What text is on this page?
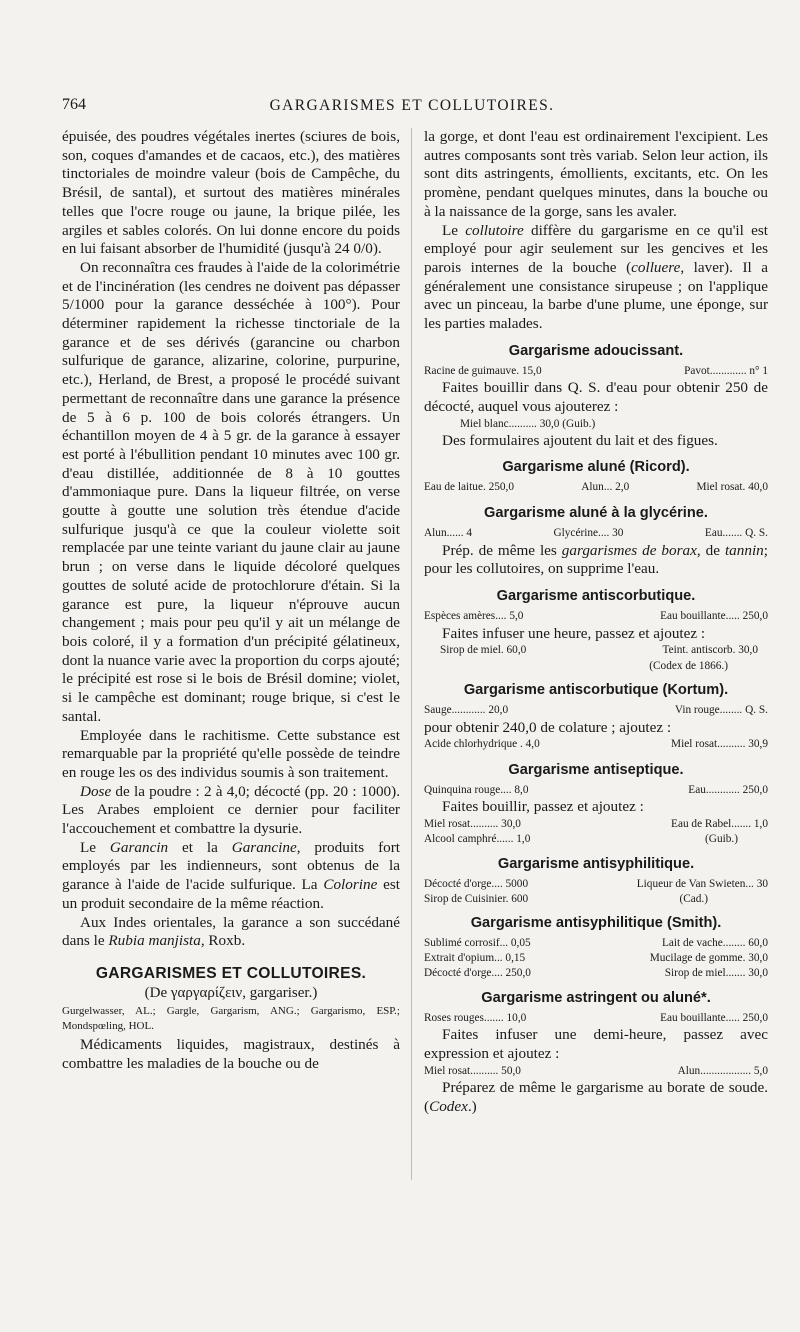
764	GARGARISMES ET COLLUTOIRES.

épuisée, des poudres végétales inertes (sciures de bois, son, coques d'amandes et de cacaos, etc.), des matières tinctoriales de moindre valeur (bois de Campêche, du Brésil, de santal), et surtout des matières minérales telles que l'ocre rouge ou jaune, la brique pilée, les argiles et sables colorés. On lui donne encore du poids en lui faisant absorber de l'humidité (jusqu'à 24 0/0).

On reconnaîtra ces fraudes à l'aide de la colorimétrie et de l'incinération (les cendres ne doivent pas dépasser 5/1000 pour la garance desséchée à 100°). Pour déterminer rapidement la richesse tinctoriale de la garance et de ses dérivés (garancine ou charbon sulfurique de garance, alizarine, colorine, purpurine, etc.), Herland, de Brest, a proposé le procédé suivant permettant de reconnaître dans une garance la présence de 5 à 6 p. 100 de bois colorés étrangers. Un échantillon moyen de 4 à 5 gr. de la garance à essayer est porté à l'ébullition pendant 10 minutes avec 100 gr. d'eau distillée, additionnée de 8 à 10 gouttes d'ammoniaque pure. Dans la liqueur filtrée, on verse goutte à goutte une solution très étendue d'acide sulfurique jusqu'à ce que la couleur violette soit remplacée par une teinte variant du jaune clair au jaune brun ; on verse dans le liquide décoloré quelques gouttes de soluté acide de protochlorure d'étain. Si la garance est pure, la liqueur n'éprouve aucun changement ; mais pour peu qu'il y ait un mélange de bois coloré, il y a formation d'un précipité gélatineux, dont la nuance varie avec la proportion du corps ajouté; le précipité est rose si le bois de Brésil domine; violet, si le campêche est dominant; rouge brique, si c'est le santal.

Employée dans le rachitisme. Cette substance est remarquable par la propriété qu'elle possède de teindre en rouge les os des individus soumis à son traitement.

Dose de la poudre : 2 à 4,0; décocté (pp. 20 : 1000). Les Arabes emploient ce dernier pour faciliter l'accouchement et combattre la dysurie.

Le Garancin et la Garancine, produits fort employés par les indienneurs, sont obtenus de la garance à l'aide de l'acide sulfurique. La Colorine est un produit secondaire de la même réaction.

Aux Indes orientales, la garance a son succédané dans le Rubia manjista, Roxb.

GARGARISMES ET COLLUTOIRES.
(De γαργαρίζειν, gargariser.)
Gurgelwasser, AL.; Gargle, Gargarism, ANG.; Gargarismo, ESP.; Mondspœling, HOL.

Médicaments liquides, magistraux, destinés à combattre les maladies de la bouche ou de

la gorge, et dont l'eau est ordinairement l'excipient. Les autres composants sont très variab. Selon leur action, ils sont dits astringents, émollients, excitants, etc. On les promène, pendant quelques minutes, dans la bouche ou à la naissance de la gorge, sans les avaler.

Le collutoire diffère du gargarisme en ce qu'il est employé pour agir seulement sur les gencives et les parois internes de la bouche (colluere, laver). Il a généralement une consistance sirupeuse ; on l'applique avec un pinceau, la barbe d'une plume, une éponge, sur les parties malades.

Gargarisme adoucissant.
Racine de guimauve. 15,0	Pavot............. n° 1

Faites bouillir dans Q. S. d'eau pour obtenir 250 de décocté, auquel vous ajouterez :

Miel blanc.......... 30,0 (Guib.)

Des formulaires ajoutent du lait et des figues.

Gargarisme aluné (Ricord).
Eau de laitue. 250,0	Alun... 2,0	Miel rosat. 40,0
Gargarisme aluné à la glycérine.
Alun...... 4	Glycérine.... 30	Eau....... Q. S.

Prép. de même les gargarismes de borax, de tannin; pour les collutoires, on supprime l'eau.

Gargarisme antiscorbutique.
Espèces amères.... 5,0	Eau bouillante..... 250,0

Faites infuser une heure, passez et ajoutez :

Sirop de miel. 60,0	Teint. antiscorb. 30,0
(Codex de 1866.)
Gargarisme antiscorbutique (Kortum).
Sauge............ 20,0	Vin rouge........ Q. S.

pour obtenir 240,0 de colature ; ajoutez :

Acide chlorhydrique . 4,0	Miel rosat.......... 30,9
Gargarisme antiseptique.
Quinquina rouge.... 8,0	Eau............ 250,0

Faites bouillir, passez et ajoutez :

Miel rosat.......... 30,0	Eau de Rabel....... 1,0
Alcool camphré...... 1,0	(Guib.)
Gargarisme antisyphilitique.
Décocté d'orge.... 5000	Liqueur de Van Swieten... 30
Sirop de Cuisinier. 600	(Cad.)
Gargarisme antisyphilitique (Smith).
Sublimé corrosif... 0,05	Lait de vache........ 60,0
Extrait d'opium... 0,15	Mucilage de gomme. 30,0
Décocté d'orge.... 250,0	Sirop de miel....... 30,0
Gargarisme astringent ou aluné*.
Roses rouges....... 10,0	Eau bouillante..... 250,0

Faites infuser une demi-heure, passez avec expression et ajoutez :

Miel rosat.......... 50,0	Alun.................. 5,0

Préparez de même le gargarisme au borate de soude. (Codex.)
